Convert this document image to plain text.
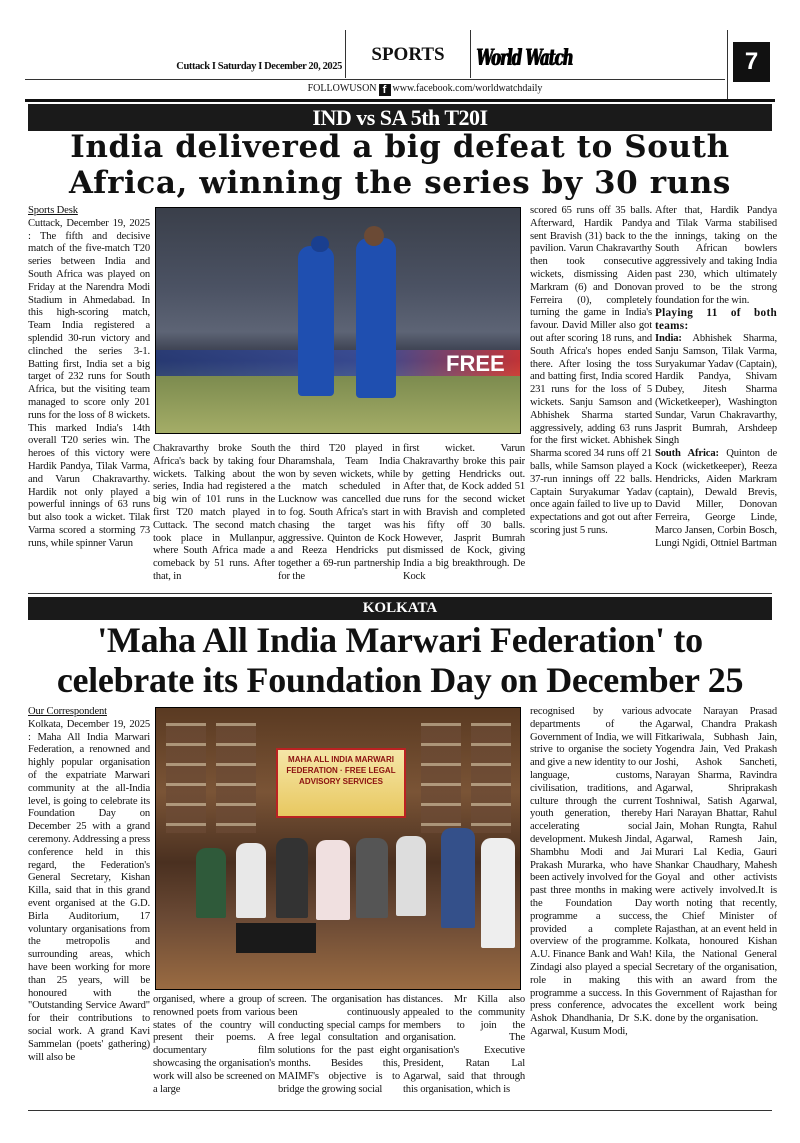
Cuttack I Saturday I December 20, 2025
SPORTS	World Watch	7
FOLLOWUSON f www.facebook.com/worldwatchdaily
IND vs SA 5th T20I
India delivered a big defeat to South
Africa, winning the series by 30 runs
Sports Desk
Cuttack, December 19, 2025 : The fifth and decisive match of the five-match T20 series between India and South Africa was played on Friday at the Narendra Modi Stadium in Ahmedabad. In this high-scoring match, Team India registered a splendid 30-run victory and clinched the series 3-1. Batting first, India set a big target of 232 runs for South Africa, but the visiting team managed to score only 201 runs for the loss of 8 wickets. This marked India's 14th overall T20 series win. The heroes of this victory were Hardik Pandya, Tilak Varma, and Varun Chakravarthy. Hardik not only played a powerful innings of 63 runs but also took a wicket. Tilak Varma scored a storming 73 runs, while spinner Varun
FREE
Chakravarthy broke South Africa's back by taking four wickets. Talking about the series, India had registered a big win of 101 runs in the first T20 match played in Cuttack. The second match took place in Mullanpur, where South Africa made a comeback by 51 runs. After that, in
the third T20 played in Dharamshala, Team India won by seven wickets, while the match scheduled in Lucknow was cancelled due to fog. South Africa's start in chasing the target was aggressive. Quinton de Kock and Reeza Hendricks put together a 69-run partnership for the
first wicket. Varun Chakravarthy broke this pair by getting Hendricks out. After that, de Kock added 51 runs for the second wicket with Bravish and completed his fifty off 30 balls. However, Jasprit Bumrah dismissed de Kock, giving India a big breakthrough. De Kock
scored 65 runs off 35 balls. Afterward, Hardik Pandya sent Bravish (31) back to the pavilion. Varun Chakravarthy then took consecutive wickets, dismissing Aiden Markram (6) and Donovan Ferreira (0), completely turning the game in India's favour. David Miller also got out after scoring 18 runs, and South Africa's hopes ended there. After losing the toss and batting first, India scored 231 runs for the loss of 5 wickets. Sanju Samson and Abhishek Sharma started aggressively, adding 63 runs for the first wicket. Abhishek Sharma scored 34 runs off 21 balls, while Samson played a 37-run innings off 22 balls. Captain Suryakumar Yadav once again failed to live up to expectations and got out after scoring just 5 runs.
After that, Hardik Pandya and Tilak Varma stabilised the innings, taking on the South African bowlers aggressively and taking India past 230, which ultimately proved to be the strong foundation for the win.
Playing 11 of both teams:
India: Abhishek Sharma, Sanju Samson, Tilak Varma, Suryakumar Yadav (Captain), Hardik Pandya, Shivam Dubey, Jitesh Sharma (Wicketkeeper), Washington Sundar, Varun Chakravarthy, Jasprit Bumrah, Arshdeep Singh
South Africa: Quinton de Kock (wicketkeeper), Reeza Hendricks, Aiden Markram (captain), Dewald Brevis, David Miller, Donovan Ferreira, George Linde, Marco Jansen, Corbin Bosch, Lungi Ngidi, Ottniel Bartman
KOLKATA
'Maha All India Marwari Federation' to
celebrate its Foundation Day on December 25
Our Correspondent
Kolkata, December 19, 2025 : Maha All India Marwari Federation, a renowned and highly popular organisation of the expatriate Marwari community at the all-India level, is going to celebrate its Foundation Day on December 25 with a grand ceremony. Addressing a press conference held in this regard, the Federation's General Secretary, Kishan Killa, said that in this grand event organised at the G.D. Birla Auditorium, 17 voluntary organisations from the metropolis and surrounding areas, which have been working for more than 25 years, will be honoured with the "Outstanding Service Award" for their contributions to social work. A grand Kavi Sammelan (poets' gathering) will also be
MAHA ALL INDIA MARWARI FEDERATION · FREE LEGAL ADVISORY SERVICES
organised, where a group of renowned poets from various states of the country will present their poems. A documentary film showcasing the organisation's work will also be screened on a large
screen. The organisation has been continuously conducting special camps for free legal consultation and solutions for the past eight months. Besides this, MAIMF's objective is to bridge the growing social
distances. Mr Killa also appealed to the community members to join the organisation. The organisation's Executive President, Ratan Lal Agarwal, said that through this organisation, which is
recognised by various departments of the Government of India, we will strive to organise the society and give a new identity to our language, customs, civilisation, traditions, and culture through the current youth generation, thereby accelerating social development. Mukesh Jindal, Shambhu Modi and Jai Prakash Murarka, who have been actively involved for the past three months in making the Foundation Day programme a success, provided a complete overview of the programme. A.U. Finance Bank and Wah! Zindagi also played a special role in making this programme a success. In this press conference, advocates Ashok Dhandhania, Dr S.K. Agarwal, Kusum Modi,
advocate Narayan Prasad Agarwal, Chandra Prakash Fitkariwala, Subhash Jain, Yogendra Jain, Ved Prakash Joshi, Ashok Sancheti, Narayan Sharma, Ravindra Agarwal, Shriprakash Toshniwal, Satish Agarwal, Hari Narayan Bhattar, Rahul Jain, Mohan Rungta, Rahul Agarwal, Ramesh Jain, Murari Lal Kedia, Gauri Shankar Chaudhary, Mahesh Goyal and other activists were actively involved.It is worth noting that recently, the Chief Minister of Rajasthan, at an event held in Kolkata, honoured Kishan Kila, the National General Secretary of the organisation, with an award from the Government of Rajasthan for the excellent work being done by the organisation.
